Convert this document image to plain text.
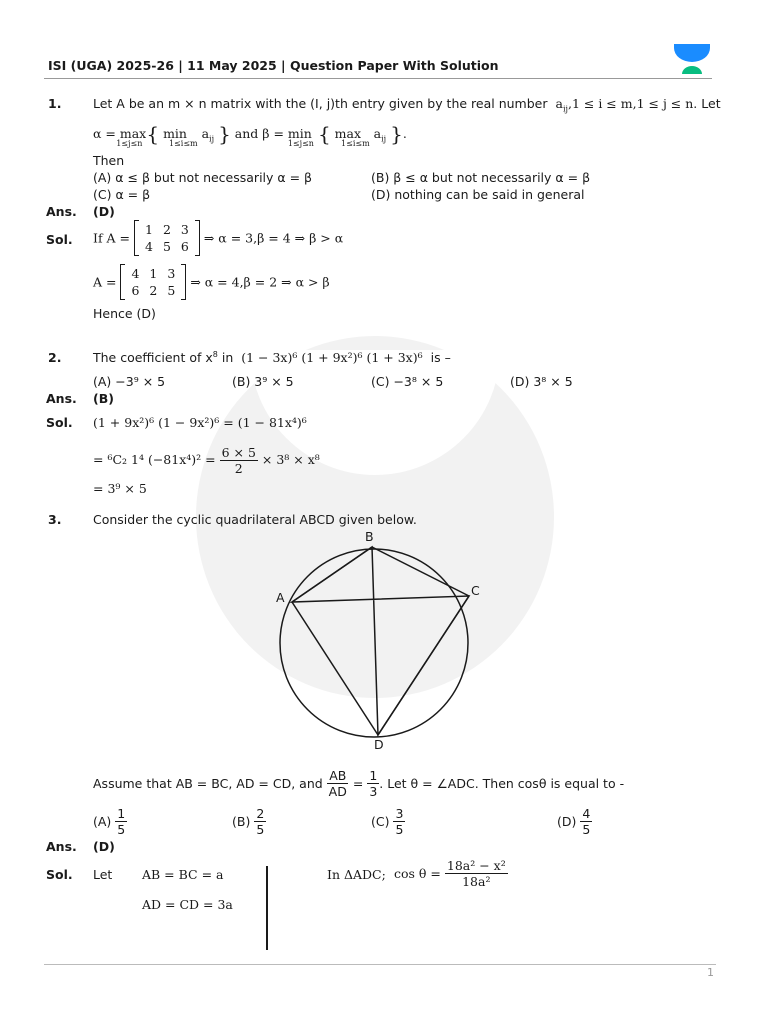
ISI (UGA) 2025-26 | 11 May 2025 | Question Paper With Solution
1.	Let A be an m × n matrix with the (I, j)th entry given by the real number $a_{ij},1 \le i \le m,1 \le j \le n$. Let
$\alpha = \max_{1\le j\le n}$ { $\min_{1\le i\le m} a_{ij}$ } and $\beta = \min_{1\le j\le n}$ { $\max_{1\le i\le m} a_{ij}$ }.
Then
(A) α ≤ β but not necessarily α = β	(B) β ≤ α but not necessarily α = β
(C) α = β	(D) nothing can be said in general
Ans. (D)
Sol. If A =
1	2	3
4	5	6
⇒ α = 3,β = 4 ⇒ β > α
A =
4	1	3
6	2	5
⇒ α = 4,β = 2 ⇒ α > β
Hence (D)
2.	The coefficient of $x^8$ in (1 − 3x)⁶ (1 + 9x²)⁶ (1 + 3x)⁶ is –
(A) −3⁹ × 5	(B) 3⁹ × 5	(C) −3⁸ × 5	(D) 3⁸ × 5
Ans. (B)
Sol. (1 + 9x²)⁶ (1 − 9x²)⁶ = (1 − 81x⁴)⁶
= ⁶C₂ 1⁴ $(-81x^4)^2 = \frac{6 \times 5}{2} \times 3^8 \times x^8$
= 3⁹ × 5
3.	Consider the cyclic quadrilateral ABCD given below.
B
A	C
D
Assume that AB = BC, AD = CD, and $\frac{AB}{AD} = \frac{1}{3}$ . Let θ = ∠ADC. Then cosθ is equal to -
$(A) \frac{1}{5}$	$(B) \frac{2}{5}$	$(C) \frac{3}{5}$	$(D) \frac{4}{5}$
Ans. (D)
Sol. Let AB = BC = a
AD = CD = 3a
In ΔADC; $\cos \theta = \frac{\text{18a² − x²}}{\text{18a²}}$
1
